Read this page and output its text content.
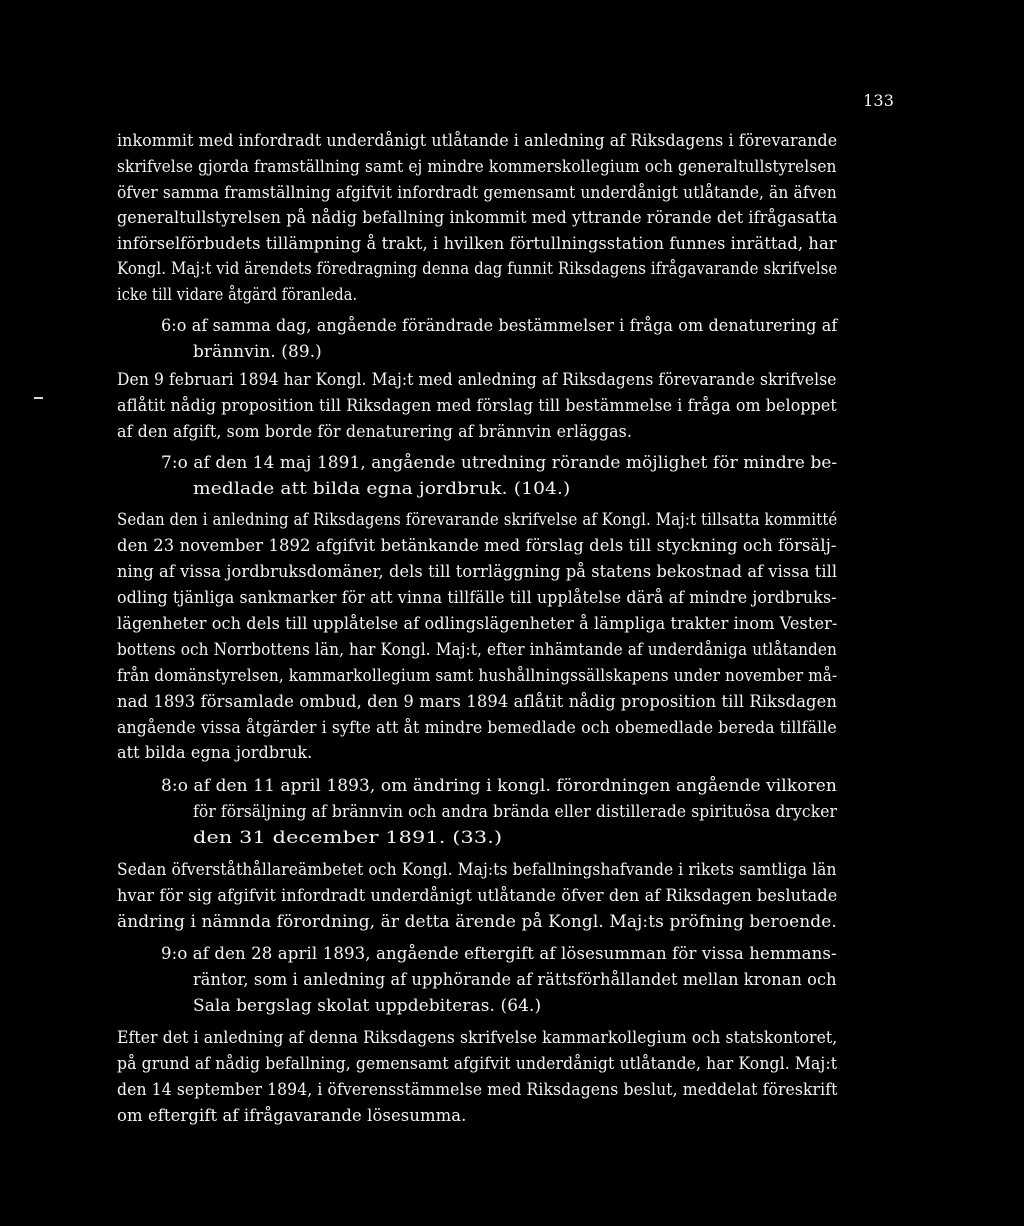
133
inkommit med infordradt underdånigt utlåtande i anledning af Riksdagens i förevarande
skrifvelse gjorda framställning samt ej mindre kommerskollegium och generaltullstyrelsen
öfver samma framställning afgifvit infordradt gemensamt underdånigt utlåtande, än äfven
generaltullstyrelsen på nådig befallning inkommit med yttrande rörande det ifrågasatta
införselförbudets tillämpning å trakt, i hvilken förtullningsstation funnes inrättad, har
Kongl. Maj:t vid ärendets föredragning denna dag funnit Riksdagens ifrågavarande skrifvelse
icke till vidare åtgärd föranleda.
6:o af samma dag, angående förändrade bestämmelser i fråga om denaturering af
brännvin. (89.)
Den 9 februari 1894 har Kongl. Maj:t med anledning af Riksdagens förevarande skrifvelse
aflåtit nådig proposition till Riksdagen med förslag till bestämmelse i fråga om beloppet
af den afgift, som borde för denaturering af brännvin erläggas.
7:o af den 14 maj 1891, angående utredning rörande möjlighet för mindre be-
medlade att bilda egna jordbruk. (104.)
Sedan den i anledning af Riksdagens förevarande skrifvelse af Kongl. Maj:t tillsatta kommitté
den 23 november 1892 afgifvit betänkande med förslag dels till styckning och försälj-
ning af vissa jordbruksdomäner, dels till torrläggning på statens bekostnad af vissa till
odling tjänliga sankmarker för att vinna tillfälle till upplåtelse därå af mindre jordbruks-
lägenheter och dels till upplåtelse af odlingslägenheter å lämpliga trakter inom Vester-
bottens och Norrbottens län, har Kongl. Maj:t, efter inhämtande af underdåniga utlåtanden
från domänstyrelsen, kammarkollegium samt hushållningssällskapens under november må-
nad 1893 församlade ombud, den 9 mars 1894 aflåtit nådig proposition till Riksdagen
angående vissa åtgärder i syfte att åt mindre bemedlade och obemedlade bereda tillfälle
att bilda egna jordbruk.
8:o af den 11 april 1893, om ändring i kongl. förordningen angående vilkoren
för försäljning af brännvin och andra brända eller distillerade spirituösa drycker
den 31 december 1891. (33.)
Sedan öfverståthållareämbetet och Kongl. Maj:ts befallningshafvande i rikets samtliga län
hvar för sig afgifvit infordradt underdånigt utlåtande öfver den af Riksdagen beslutade
ändring i nämnda förordning, är detta ärende på Kongl. Maj:ts pröfning beroende.
9:o af den 28 april 1893, angående eftergift af lösesumman för vissa hemmans-
räntor, som i anledning af upphörande af rättsförhållandet mellan kronan och
Sala bergslag skolat uppdebiteras. (64.)
Efter det i anledning af denna Riksdagens skrifvelse kammarkollegium och statskontoret,
på grund af nådig befallning, gemensamt afgifvit underdånigt utlåtande, har Kongl. Maj:t
den 14 september 1894, i öfverensstämmelse med Riksdagens beslut, meddelat föreskrift
om eftergift af ifrågavarande lösesumma.
